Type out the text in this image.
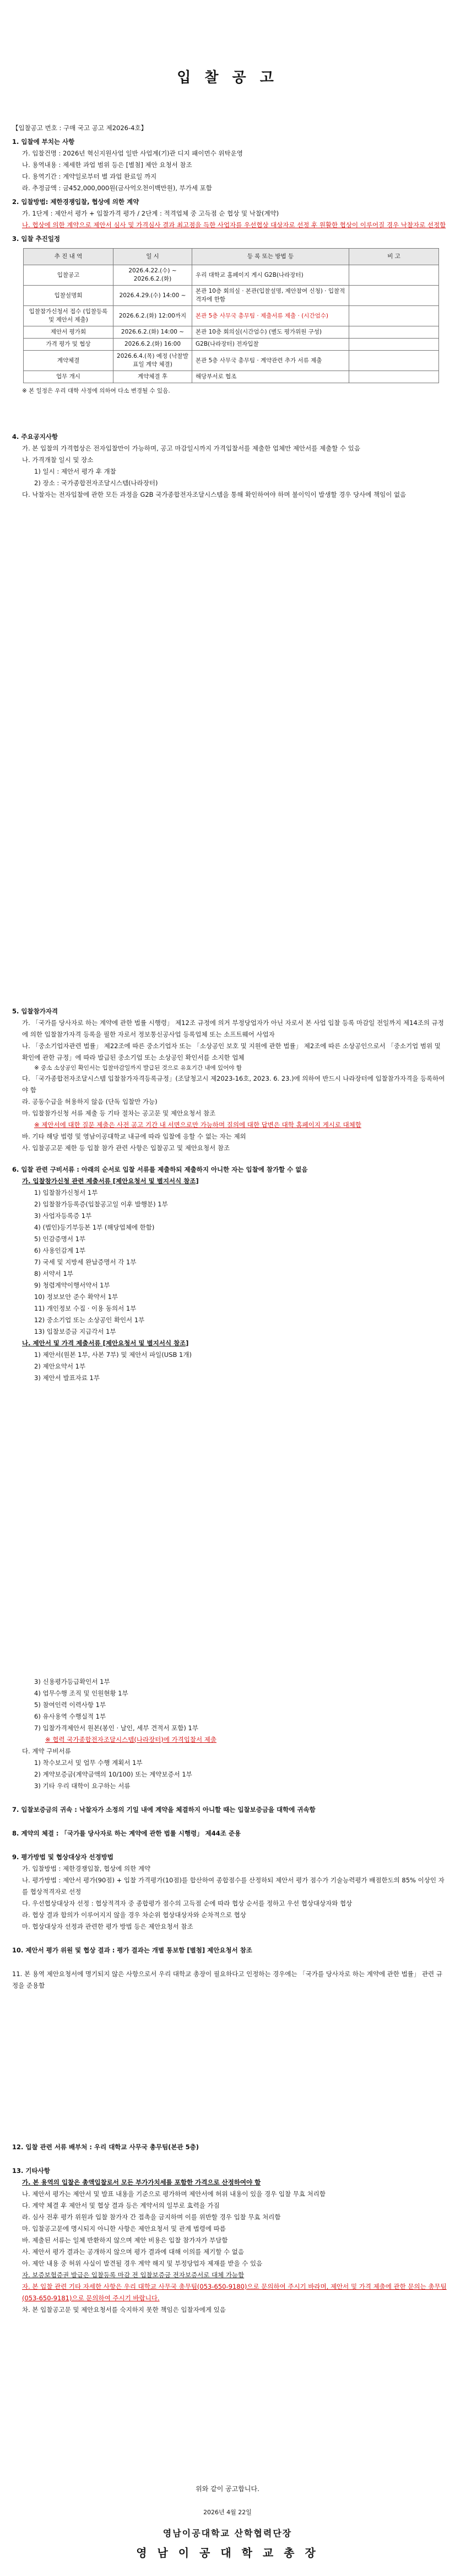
입 찰 공 고

【입찰공고 번호 : 구매 국고 공고 제2026-4호】

1. 입찰에 부치는 사항

가. 입찰건명 : 2026년 혁신지원사업 일반 사업계(기)관 디지 패이먼수 위탁운영

나. 용역내용 : 제세한 과업 범위 등은 [별첨] 제안 요청서 참조

다. 용역기간 : 계약일로부터 별 과업 완료일 까지

라. 추정금액 : 금452,000,000원(금사억오천이백만원), 부가세 포함

2. 입찰방법: 제한경쟁입찰, 협상에 의한 계약

가. 1단계 : 제안서 평가 + 입찰가격 평가 / 2단계 : 적격업체 중 고득점 순 협상 및 낙찰(계약)

나. 협상에 의한 계약으로 제안서 심사 및 가격심사 결과 최고점을 득한 사업자를 우선협상 대상자로 선정 후 원활한 협상이 이루어질 경우 낙찰자로 선정함

3. 입찰 추진일정

추 진 내 역	일 시	등 록 또는 방법 등	비 고
입찰공고	2026.4.22.(수) ~ 2026.6.2.(화)	우리 대학교 홈페이지 게시 G2B(나라장터)	
입찰설명회	2026.4.29.(수) 14:00 ~	본관 10층 회의실 · 본관(입찰설명, 제안참여 신청) · 입찰적격자에 한함	
입찰참가신청서 접수 (입찰등록 및 제안서 제출)	2026.6.2.(화) 12:00까지	본관 5층 사무국 총무팀 · 제출서류 제출 · (시간엄수)	
제안서 평가회	2026.6.2.(화) 14:00 ~	본관 10층 회의실(시간엄수) (별도 평가위원 구성)	
가격 평가 및 협상	2026.6.2.(화) 16:00	G2B(나라장터) 전자입찰	
계약체결	2026.6.4.(목) 예정 (낙찰발표일 계약 체결)	본관 5층 사무국 총무팀 · 계약관련 추가 서류 제출	
업무 개시	계약체결 후	해당부서로 협조	

※ 본 일정은 우리 대학 사정에 의하여 다소 변경될 수 있음.

4. 주요공지사항

가. 본 입찰의 가격협상은 전자입찰만이 가능하며, 공고 마감일시까지 가격입찰서를 제출한 업체만 제안서를 제출할 수 있음

나. 가격개찰 일시 및 장소

1) 일시 : 제안서 평가 후 개찰

2) 장소 : 국가종합전자조달시스템(나라장터)

다. 낙찰자는 전자입찰에 관한 모든 과정을 G2B 국가종합전자조달시스템을 통해 확인하여야 하며 불이익이 발생할 경우 당사에 책임이 없음

5. 입찰참가자격

가. 「국가를 당사자로 하는 계약에 관한 법률 시행령」 제12조 규정에 의거 부정당업자가 아닌 자로서 본 사업 입찰 등록 마감일 전일까지 제14조의 규정에 의한 입찰참가자격 등록을 필한 자로서 정보통신공사업 등록업체 또는 소프트웨어 사업자

나. 「중소기업자관련 법률」 제22조에 따른 중소기업자 또는 「소상공인 보호 및 지원에 관한 법률」 제2조에 따른 소상공인으로서 「중소기업 범위 및 확인에 관한 규정」에 따라 발급된 중소기업 또는 소상공인 확인서를 소지한 업체

※ 중소 소상공인 확인서는 입찰마감일까지 발급된 것으로 유효기간 내에 있어야 함

다. 「국가종합전자조달시스템 입찰참가자격등록규정」(조달청고시 제2023-16호, 2023. 6. 23.)에 의하여 반드시 나라장터에 입찰참가자격을 등록하여야 함

라. 공동수급을 허용하지 않음 (단독 입찰만 가능)

마. 입찰참가신청 서류 제출 등 기타 절차는 공고문 및 제안요청서 참조

※ 제안서에 대한 질문 제출은 사전 공고 기간 내 서면으로만 가능하며 질의에 대한 답변은 대학 홈페이지 게시로 대체함

바. 기타 해당 법령 및 영남이공대학교 내규에 따라 입찰에 응할 수 없는 자는 제외

사. 입찰공고문 제한 등 입찰 참가 관련 사항은 입찰공고 및 제안요청서 참조

6. 입찰 관련 구비서류 : 아래의 순서로 입찰 서류를 제출하되 제출하지 아니한 자는 입찰에 참가할 수 없음

가. 입찰참가신청 관련 제출서류 [제안요청서 및 별지서식 참조]

1) 입찰참가신청서 1부

2) 입찰참가등록증(입찰공고일 이후 발행분) 1부

3) 사업자등록증 1부

4) (법인)등기부등본 1부 (해당업체에 한함)

5) 인감증명서 1부

6) 사용인감계 1부

7) 국세 및 지방세 완납증명서 각 1부

8) 서약서 1부

9) 청렴계약이행서약서 1부

10) 정보보안 준수 확약서 1부

11) 개인정보 수집 · 이용 동의서 1부

12) 중소기업 또는 소상공인 확인서 1부

13) 입찰보증금 지급각서 1부

나. 제안서 및 가격 제출서류 [제안요청서 및 별지서식 참조]

1) 제안서(원본 1부, 사본 7부) 및 제안서 파일(USB 1개)

2) 제안요약서 1부

3) 제안서 발표자료 1부

3) 신용평가등급확인서 1부

4) 업무수행 조직 및 인원현황 1부

5) 참여인력 이력사항 1부

6) 유사용역 수행실적 1부

7) 입찰가격제안서 원본(봉인 · 날인, 세부 견적서 포함) 1부

※ 협력 국가종합전자조달시스템(나라장터)에 가격입찰서 제출

다. 계약 구비서류

1) 착수보고서 및 업무 수행 계획서 1부

2) 계약보증금(계약금액의 10/100) 또는 계약보증서 1부

3) 기타 우리 대학이 요구하는 서류

7. 입찰보증금의 귀속 : 낙찰자가 소정의 기일 내에 계약을 체결하지 아니할 때는 입찰보증금을 대학에 귀속함

8. 계약의 체결 : 「국가를 당사자로 하는 계약에 관한 법률 시행령」 제44조 준용

9. 평가방법 및 협상대상자 선정방법

가. 입찰방법 : 제한경쟁입찰, 협상에 의한 계약

나. 평가방법 : 제안서 평가(90점) + 입찰 가격평가(10점)를 합산하여 종합점수를 산정하되 제안서 평가 점수가 기술능력평가 배점한도의 85% 이상인 자를 협상적격자로 선정

다. 우선협상대상자 선정 : 협상적격자 중 종합평가 점수의 고득점 순에 따라 협상 순서를 정하고 우선 협상대상자와 협상

라. 협상 결과 합의가 이루어지지 않을 경우 차순위 협상대상자와 순차적으로 협상

마. 협상대상자 선정과 관련한 평가 방법 등은 제안요청서 참조

10. 제안서 평가 위원 및 협상 결과 : 평가 결과는 개별 통보함 [별첨] 제안요청서 참조

11. 본 용역 제안요청서에 명기되지 않은 사항으로서 우리 대학교 총장이 필요하다고 인정하는 경우에는 「국가를 당사자로 하는 계약에 관한 법률」 관련 규정을 준용함

12. 입찰 관련 서류 배부처 : 우리 대학교 사무국 총무팀(본관 5층)

13. 기타사항

가. 본 용역의 입찰은 총액입찰로서 모든 부가가치세를 포함한 가격으로 산정하여야 함

나. 제안서 평가는 제안서 및 발표 내용을 기준으로 평가하며 제안서에 허위 내용이 있을 경우 입찰 무효 처리함

다. 계약 체결 후 제안서 및 협상 결과 등은 계약서의 일부로 효력을 가짐

라. 심사 전후 평가 위원과 입찰 참가자 간 접촉을 금지하며 이를 위반할 경우 입찰 무효 처리함

마. 입찰공고문에 명시되지 아니한 사항은 제안요청서 및 관계 법령에 따름

바. 제출된 서류는 일체 반환하지 않으며 제안 비용은 입찰 참가자가 부담함

사. 제안서 평가 결과는 공개하지 않으며 평가 결과에 대해 이의를 제기할 수 없음

아. 제안 내용 중 허위 사실이 발견될 경우 계약 해지 및 부정당업자 제재를 받을 수 있음

자. 보증보험증권 발급은 입찰등록 마감 전 입찰보증금 전자보증서로 대체 가능함

자. 본 입찰 관련 기타 자세한 사항은 우리 대학교 사무국 총무팀(053-650-9180)으로 문의하여 주시기 바라며, 제안서 및 가격 제출에 관한 문의는 총무팀(053-650-9181)으로 문의하여 주시기 바랍니다.

차. 본 입찰공고문 및 제안요청서를 숙지하지 못한 책임은 입찰자에게 있음

위와 같이 공고합니다.
2026년 4월 22일
영남이공대학교 산학협력단장
영 남 이 공 대 학 교 총 장
